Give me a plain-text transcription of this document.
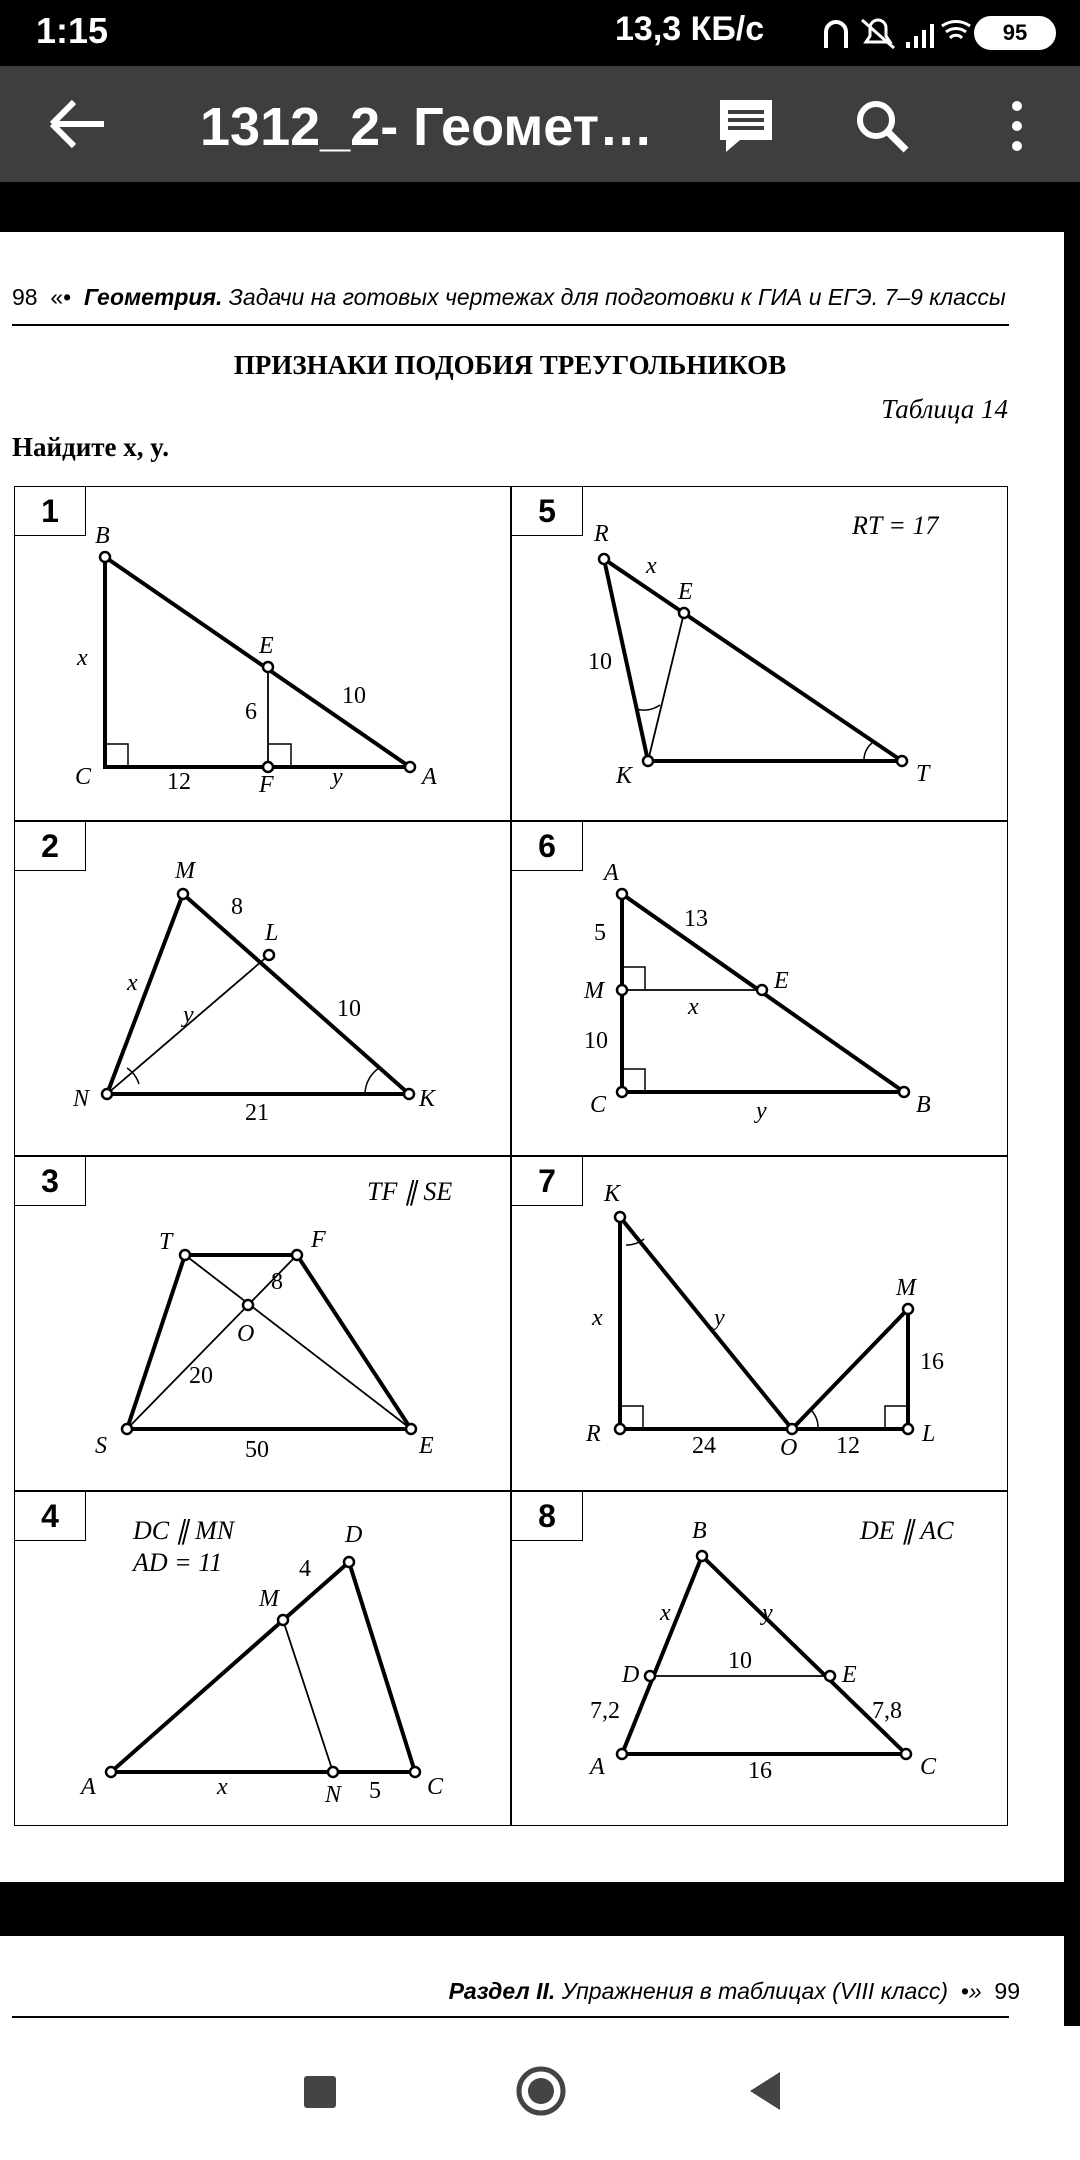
1:15	13,3 КБ/с	95
1312_2- Геомет…
98  «•  Геометрия. Задачи на готовых чертежах для подготовки к ГИА и ЕГЭ. 7–9 классы
ПРИЗНАКИ ПОДОБИЯ ТРЕУГОЛЬНИКОВ
Таблица 14
Найдите x, y.
1
B
C
E
F	A
x
y
12
6
10
5	RT = 17
R
E
K	T
x
10
2
M
L
N	K
x
y
8
10
21
6
A
M	E
C	B
x
y
5
13
10
3	TF ∥ SE
T	F
O
S	E
8
20
50
7	K
M
R
O
L
x	y
16
24	12
4	DC ∥ MN
AD = 11
D
M
A	N	C
x
4
5
8	DE ∥ AC
B
D	E
A	C
x	y
10
7,2	7,8
16
Раздел II. Упражнения в таблицах (VIII класс)  •»  99
